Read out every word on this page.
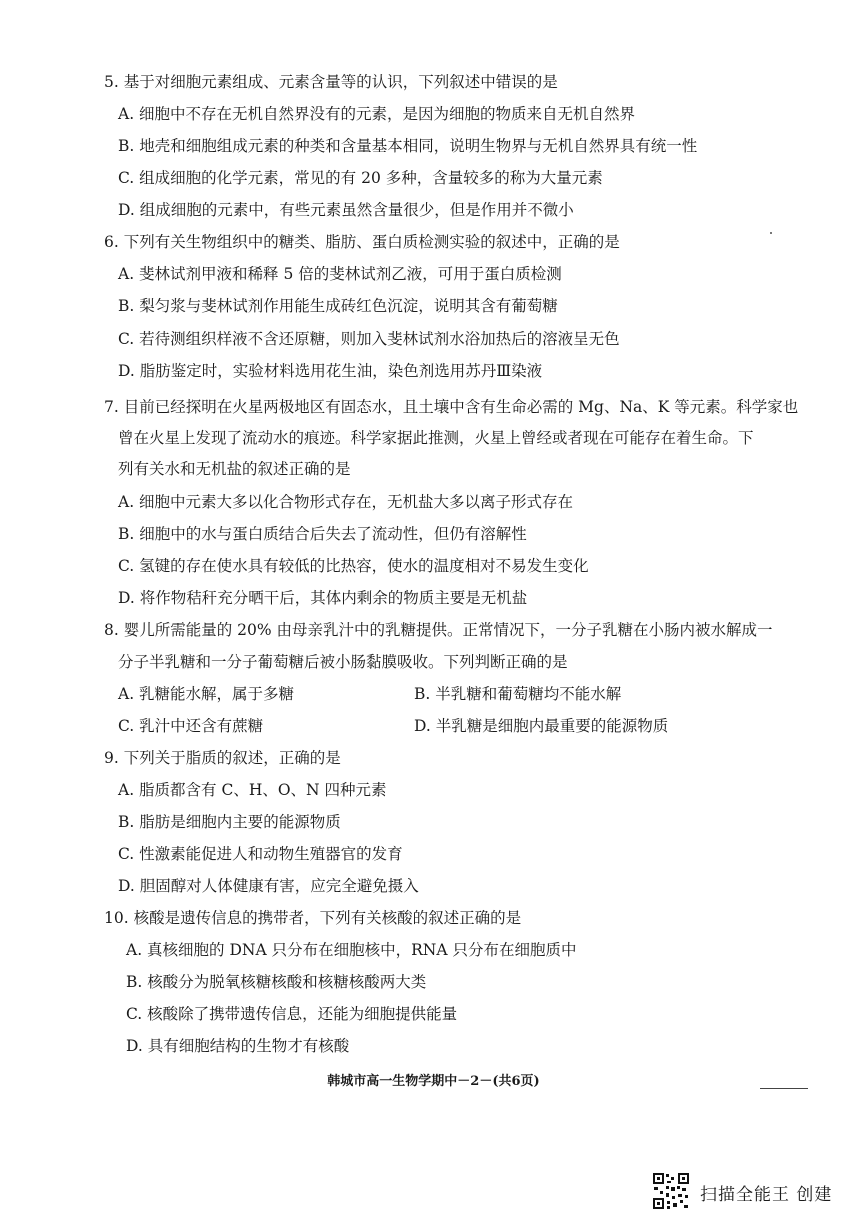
5. 基于对细胞元素组成、元素含量等的认识，下列叙述中错误的是
A. 细胞中不存在无机自然界没有的元素，是因为细胞的物质来自无机自然界
B. 地壳和细胞组成元素的种类和含量基本相同，说明生物界与无机自然界具有统一性
C. 组成细胞的化学元素，常见的有 20 多种，含量较多的称为大量元素
D. 组成细胞的元素中，有些元素虽然含量很少，但是作用并不微小
6. 下列有关生物组织中的糖类、脂肪、蛋白质检测实验的叙述中，正确的是
A. 斐林试剂甲液和稀释 5 倍的斐林试剂乙液，可用于蛋白质检测
B. 梨匀浆与斐林试剂作用能生成砖红色沉淀，说明其含有葡萄糖
C. 若待测组织样液不含还原糖，则加入斐林试剂水浴加热后的溶液呈无色
D. 脂肪鉴定时，实验材料选用花生油，染色剂选用苏丹Ⅲ染液
7. 目前已经探明在火星两极地区有固态水，且土壤中含有生命必需的 Mg、Na、K 等元素。科学家也
曾在火星上发现了流动水的痕迹。科学家据此推测，火星上曾经或者现在可能存在着生命。下
列有关水和无机盐的叙述正确的是
A. 细胞中元素大多以化合物形式存在，无机盐大多以离子形式存在
B. 细胞中的水与蛋白质结合后失去了流动性，但仍有溶解性
C. 氢键的存在使水具有较低的比热容，使水的温度相对不易发生变化
D. 将作物秸秆充分晒干后，其体内剩余的物质主要是无机盐
8. 婴儿所需能量的 20% 由母亲乳汁中的乳糖提供。正常情况下，一分子乳糖在小肠内被水解成一
分子半乳糖和一分子葡萄糖后被小肠黏膜吸收。下列判断正确的是
A. 乳糖能水解，属于多糖	B. 半乳糖和葡萄糖均不能水解
C. 乳汁中还含有蔗糖	D. 半乳糖是细胞内最重要的能源物质
9. 下列关于脂质的叙述，正确的是
A. 脂质都含有 C、H、O、N 四种元素
B. 脂肪是细胞内主要的能源物质
C. 性激素能促进人和动物生殖器官的发育
D. 胆固醇对人体健康有害，应完全避免摄入
10. 核酸是遗传信息的携带者，下列有关核酸的叙述正确的是
A. 真核细胞的 DNA 只分布在细胞核中，RNA 只分布在细胞质中
B. 核酸分为脱氧核糖核酸和核糖核酸两大类
C. 核酸除了携带遗传信息，还能为细胞提供能量
D. 具有细胞结构的生物才有核酸
韩城市高一生物学期中－2－(共6页)
扫描全能王 创建
